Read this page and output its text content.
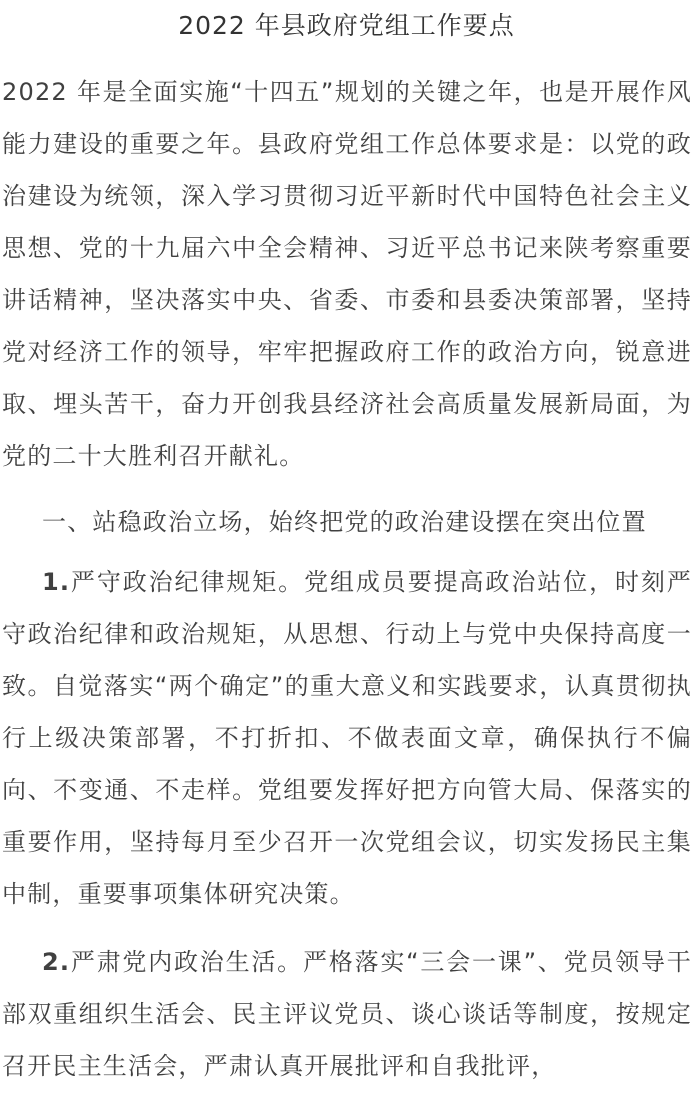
2022 年县政府党组工作要点

2022 年是全面实施“十四五”规划的关键之年，也是开展作风能力建设的重要之年。县政府党组工作总体要求是：以党的政治建设为统领，深入学习贯彻习近平新时代中国特色社会主义思想、党的十九届六中全会精神、习近平总书记来陕考察重要讲话精神，坚决落实中央、省委、市委和县委决策部署，坚持党对经济工作的领导，牢牢把握政府工作的政治方向，锐意进取、埋头苦干，奋力开创我县经济社会高质量发展新局面，为党的二十大胜利召开献礼。

一、站稳政治立场，始终把党的政治建设摆在突出位置

1.严守政治纪律规矩。党组成员要提高政治站位，时刻严守政治纪律和政治规矩，从思想、行动上与党中央保持高度一致。自觉落实“两个确定”的重大意义和实践要求，认真贯彻执行上级决策部署，不打折扣、不做表面文章，确保执行不偏向、不变通、不走样。党组要发挥好把方向管大局、保落实的重要作用，坚持每月至少召开一次党组会议，切实发扬民主集中制，重要事项集体研究决策。

2.严肃党内政治生活。严格落实“三会一课”、党员领导干部双重组织生活会、民主评议党员、谈心谈话等制度，按规定召开民主生活会，严肃认真开展批评和自我批评，
